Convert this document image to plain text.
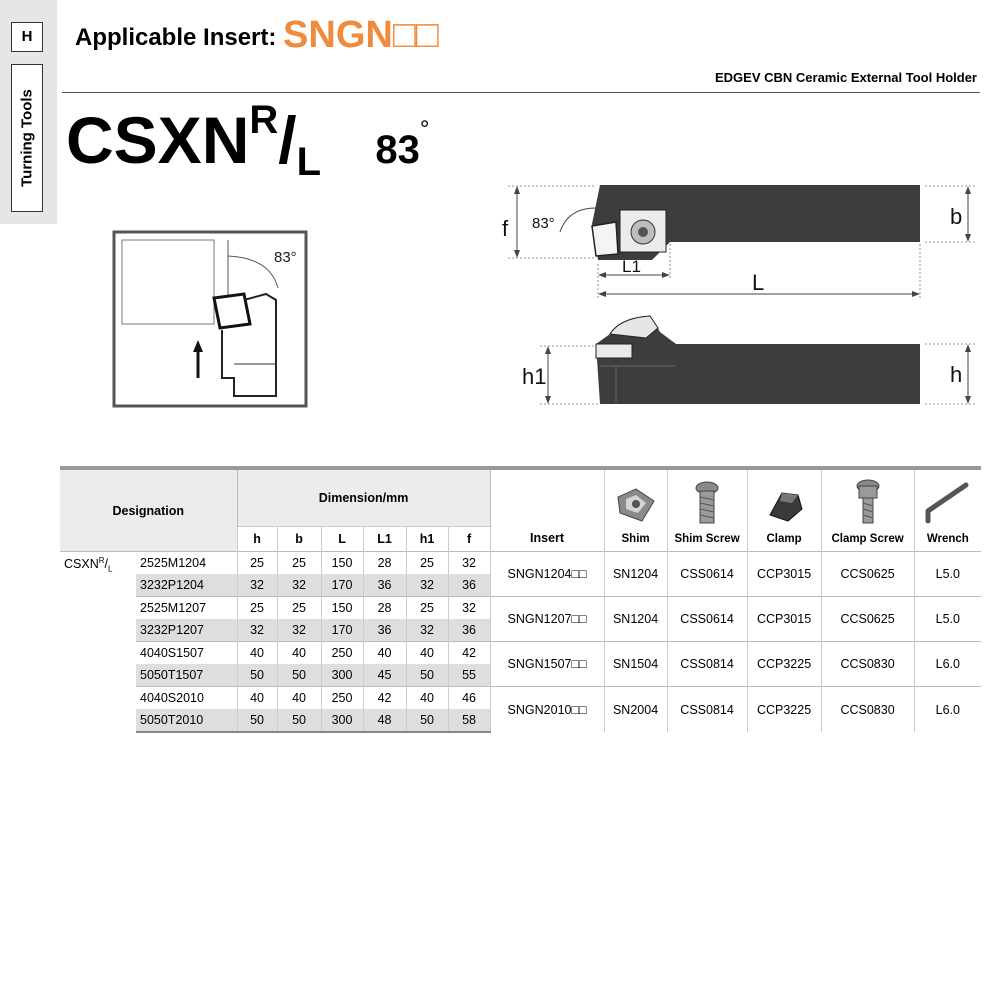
H
Turning Tools
Applicable Insert: SNGN□□
EDGEV CBN Ceramic External Tool Holder
$CSXN^R/_L$ 83°
83°
f 83°	b
L1
L
h1	h
Designation		Dimension/mm						Insert	Shim	Shim Screw	Clamp	Clamp Screw	Wrench
		h	b	L	L1	h1	f						
$CSXN^R/_L$	2525M1204	25	25	150	28	25	32	SNGN1204□□	SN1204	CSS0614	CCP3015	CCS0625	L5.0
	3232P1204	32	32	170	36	32	36						
	2525M1207	25	25	150	28	25	32	SNGN1207□□	SN1204	CSS0614	CCP3015	CCS0625	L5.0
	3232P1207	32	32	170	36	32	36						
	4040S1507	40	40	250	40	40	42	SNGN1507□□	SN1504	CSS0814	CCP3225	CCS0830	L6.0
	5050T1507	50	50	300	45	50	55						
	4040S2010	40	40	250	42	40	46	SNGN2010□□	SN2004	CSS0814	CCP3225	CCS0830	L6.0
	5050T2010	50	50	300	48	50	58						
